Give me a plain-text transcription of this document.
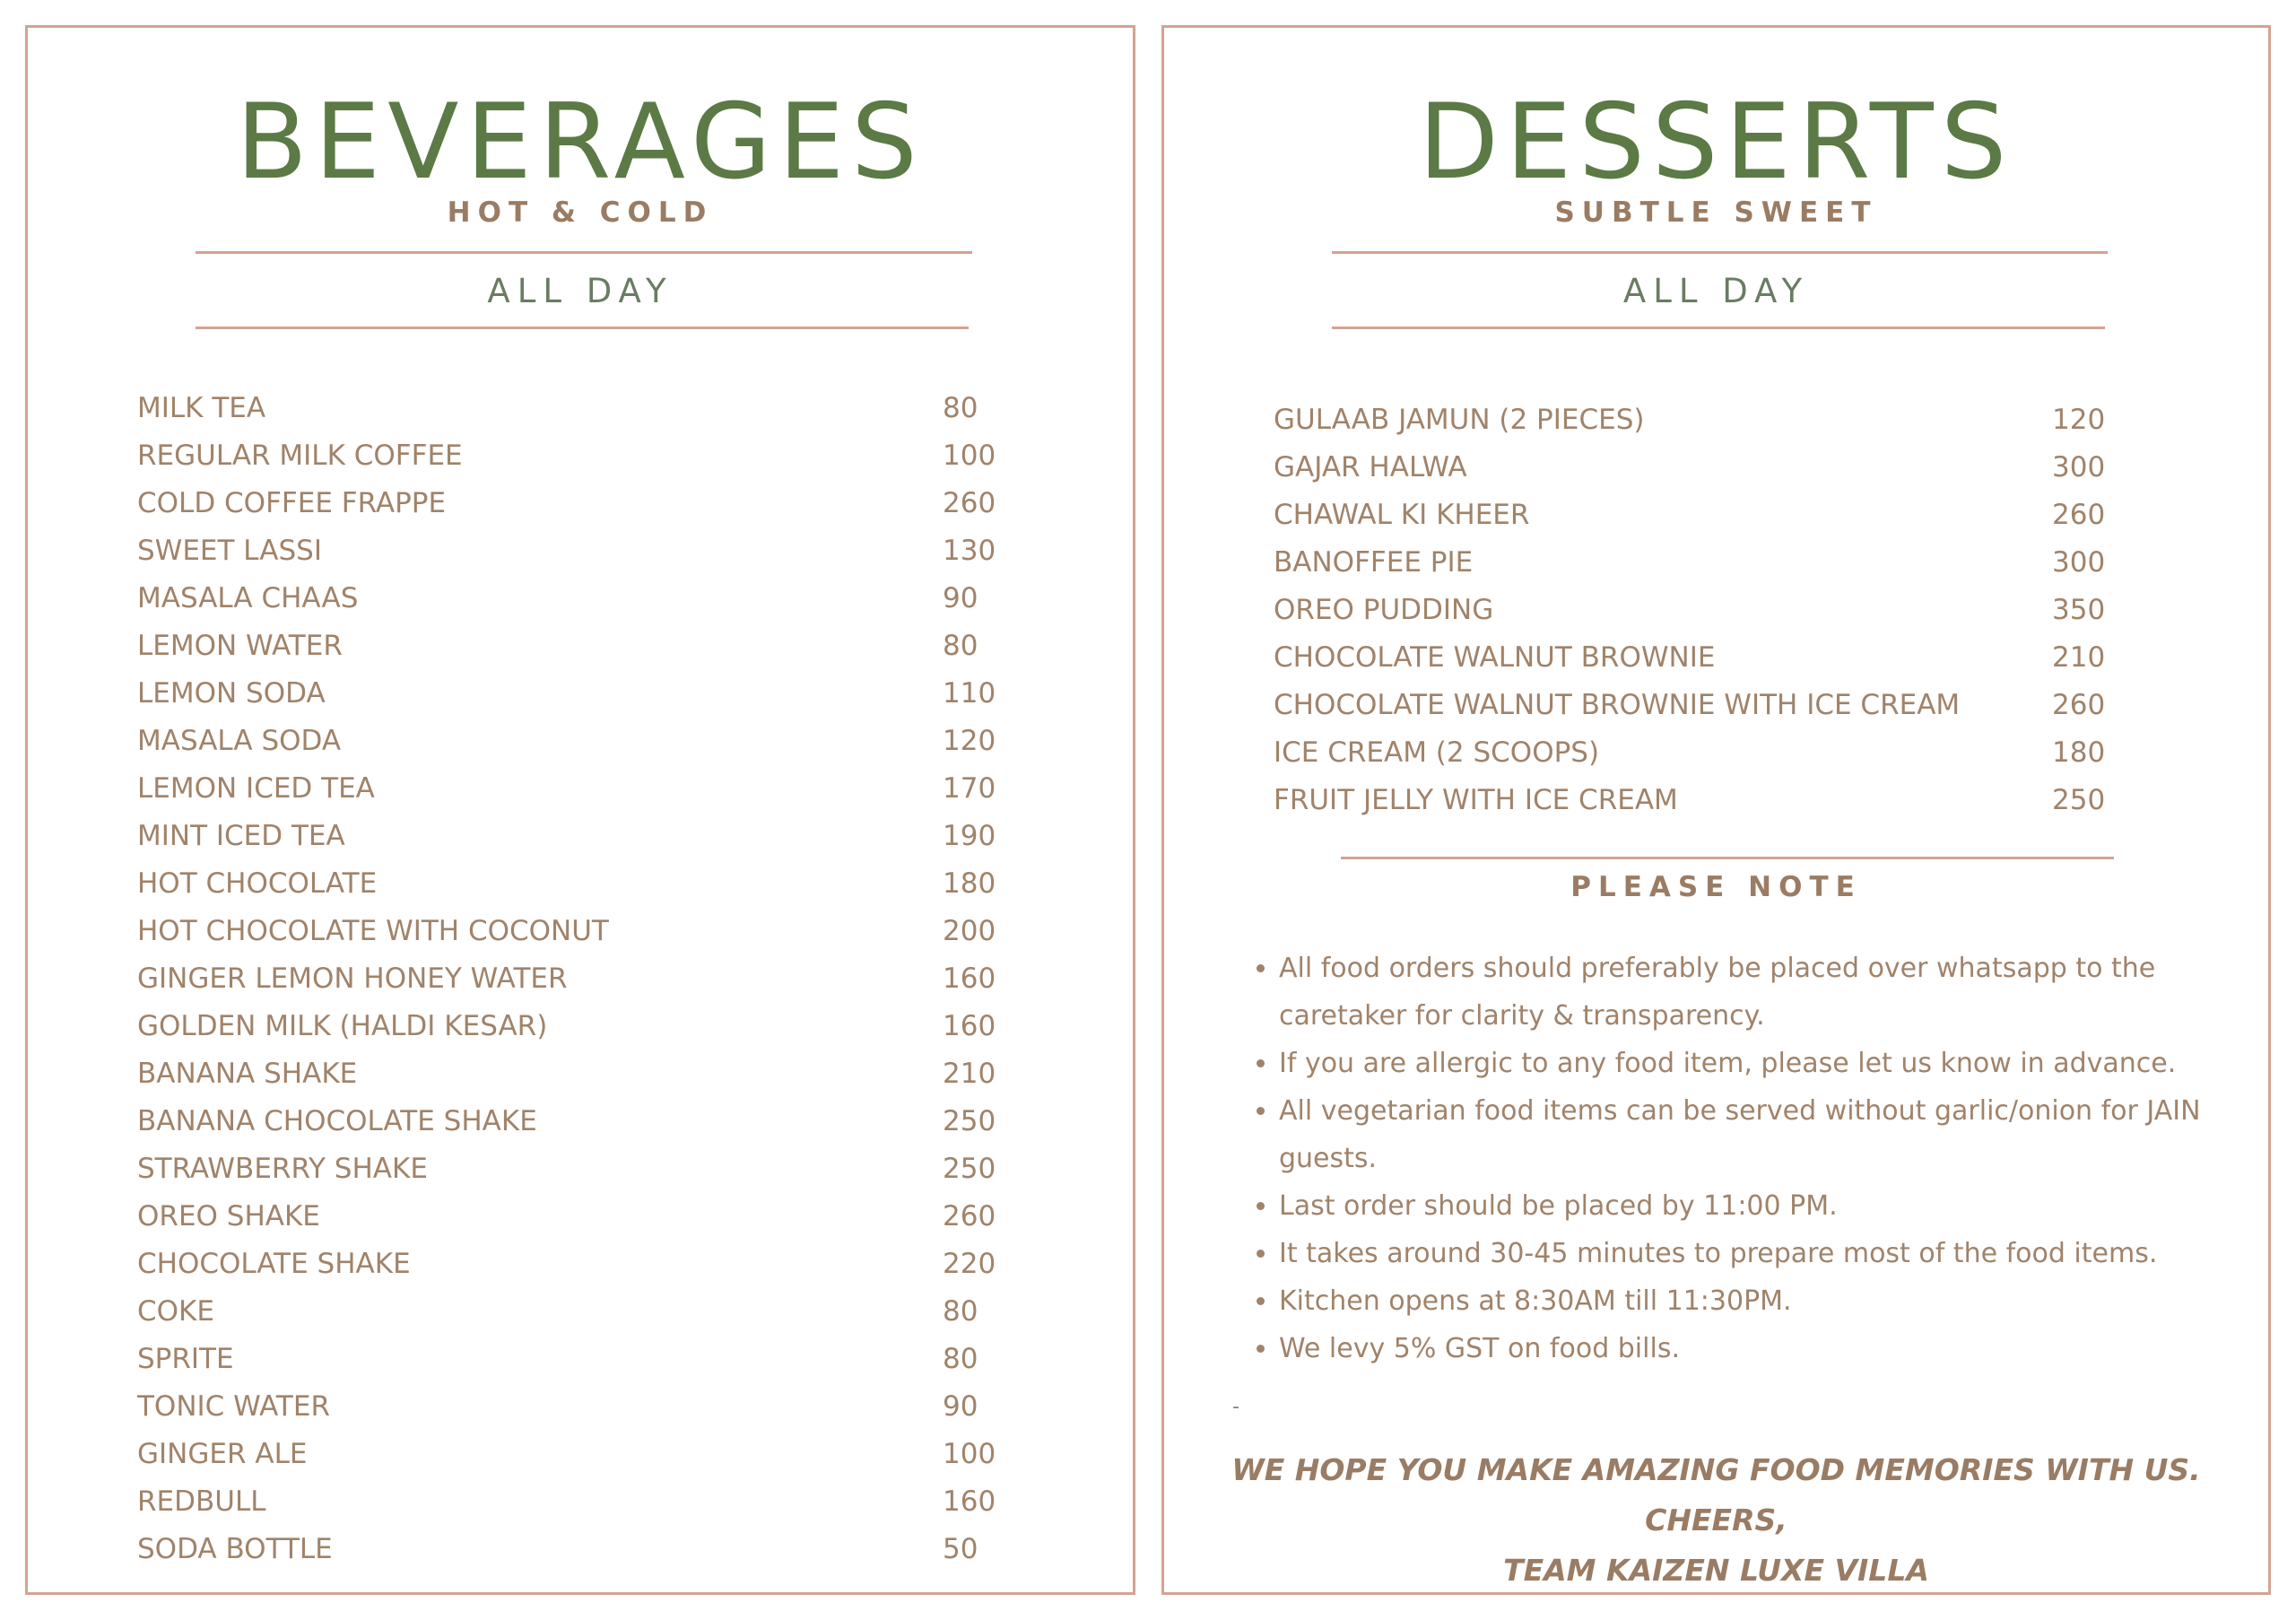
BEVERAGES
HOT & COLD
ALL DAY
MILK TEA	80
REGULAR MILK COFFEE	100
COLD COFFEE FRAPPE	260
SWEET LASSI	130
MASALA CHAAS	90
LEMON WATER	80
LEMON SODA	110
MASALA SODA	120
LEMON ICED TEA	170
MINT ICED TEA	190
HOT CHOCOLATE	180
HOT CHOCOLATE WITH COCONUT	200
GINGER LEMON HONEY WATER	160
GOLDEN MILK (HALDI KESAR)	160
BANANA SHAKE	210
BANANA CHOCOLATE SHAKE	250
STRAWBERRY SHAKE	250
OREO SHAKE	260
CHOCOLATE SHAKE	220
COKE	80
SPRITE	80
TONIC WATER	90
GINGER ALE	100
REDBULL	160
SODA BOTTLE	50
DESSERTS
SUBTLE SWEET
ALL DAY
GULAAB JAMUN (2 PIECES)	120
GAJAR HALWA	300
CHAWAL KI KHEER	260
BANOFFEE PIE	300
OREO PUDDING	350
CHOCOLATE WALNUT BROWNIE	210
CHOCOLATE WALNUT BROWNIE WITH ICE CREAM	260
ICE CREAM (2 SCOOPS)	180
FRUIT JELLY WITH ICE CREAM	250
PLEASE NOTE
• All food orders should preferably be placed over whatsapp to the caretaker for clarity & transparency.
• If you are allergic to any food item, please let us know in advance.
• All vegetarian food items can be served without garlic/onion for JAIN guests.
• Last order should be placed by 11:00 PM.
• It takes around 30-45 minutes to prepare most of the food items.
• Kitchen opens at 8:30AM till 11:30PM.
• We levy 5% GST on food bills.
-
WE HOPE YOU MAKE AMAZING FOOD MEMORIES WITH US.
CHEERS,
TEAM KAIZEN LUXE VILLA
